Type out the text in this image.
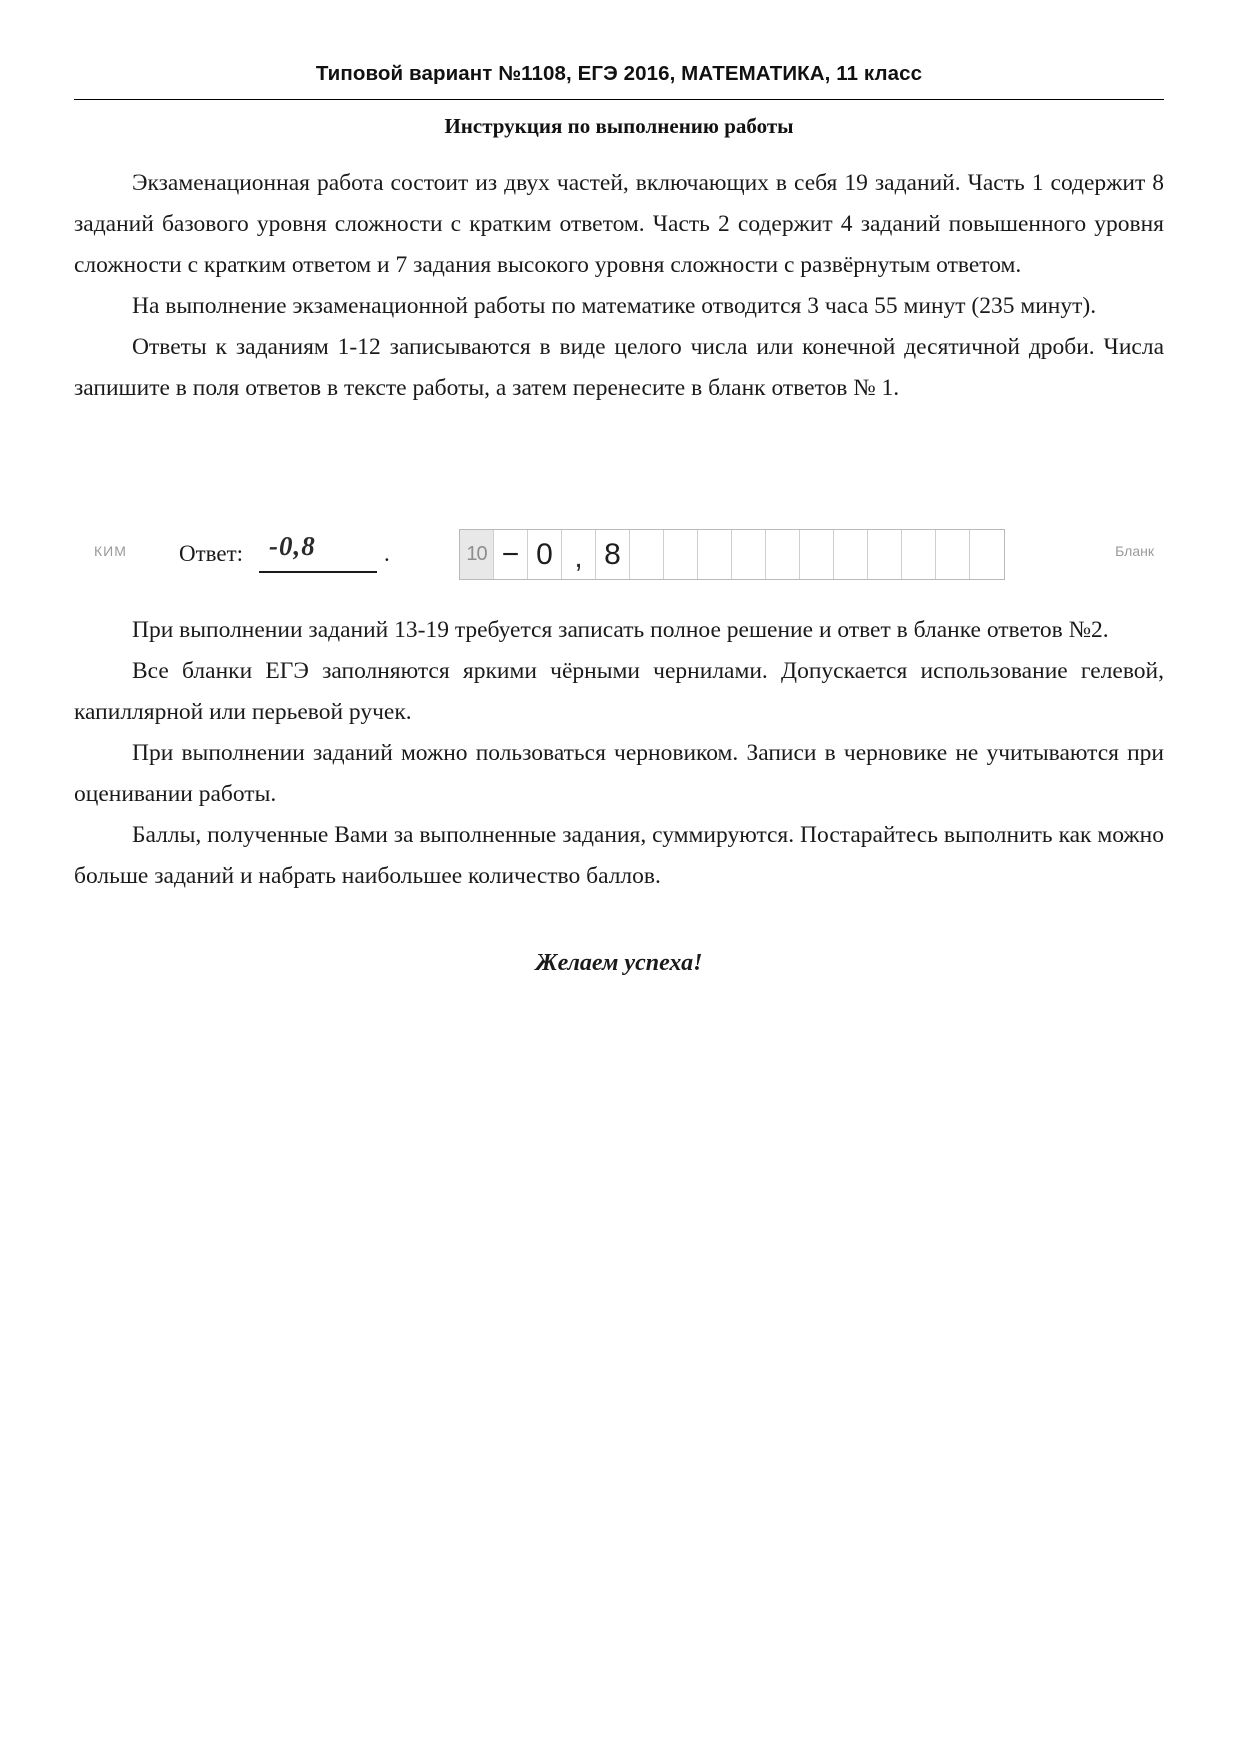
Типовой вариант №1108, ЕГЭ 2016, МАТЕМАТИКА, 11 класс
Инструкция по выполнению работы

Экзаменационная работа состоит из двух частей, включающих в себя 19 заданий. Часть 1 содержит 8 заданий базового уровня сложности с кратким ответом. Часть 2 содержит 4 заданий повышенного уровня сложности с кратким ответом и 7 задания высокого уровня сложности с развёрнутым ответом.

На выполнение экзаменационной работы по математике отводится 3 часа 55 минут (235 минут).

Ответы к заданиям 1-12 записываются в виде целого числа или конечной десятичной дроби. Числа запишите в поля ответов в тексте работы, а затем перенесите в бланк ответов № 1.

КИМ Ответ: -0,8	.	10 − 0 , 8	Бланк

При выполнении заданий 13-19 требуется записать полное решение и ответ в бланке ответов №2.

Все бланки ЕГЭ заполняются яркими чёрными чернилами. Допускается использование гелевой, капиллярной или перьевой ручек.

При выполнении заданий можно пользоваться черновиком. Записи в черновике не учитываются при оценивании работы.

Баллы, полученные Вами за выполненные задания, суммируются. Постарайтесь выполнить как можно больше заданий и набрать наибольшее количество баллов.

Желаем успеха!
